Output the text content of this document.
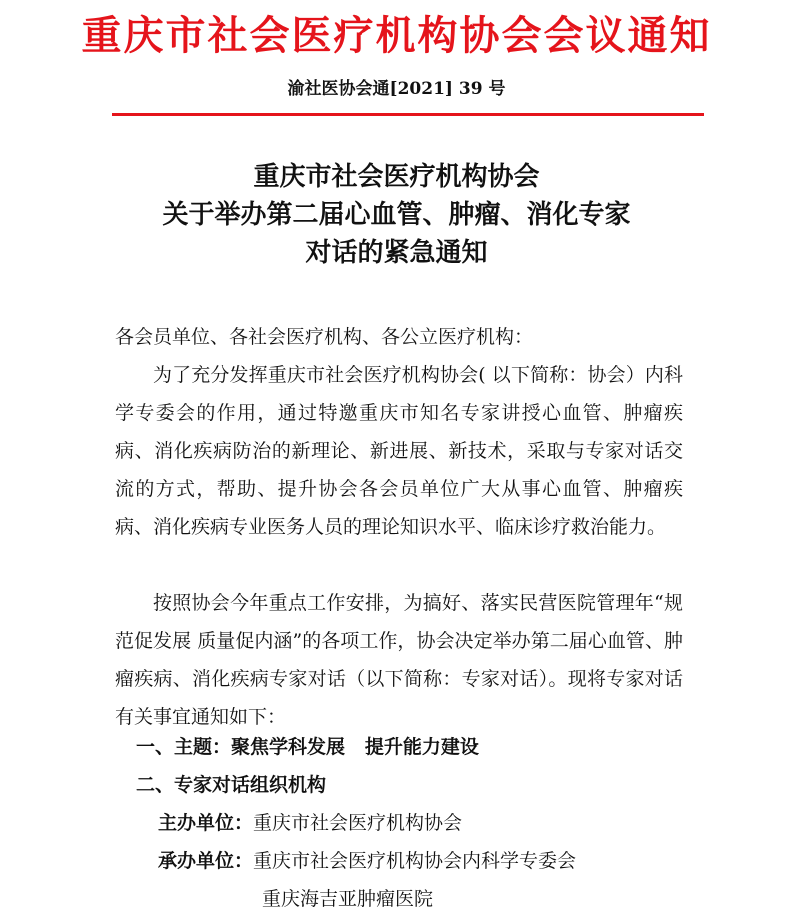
重庆市社会医疗机构协会会议通知
渝社医协会通[2021] 39 号
重庆市社会医疗机构协会
关于举办第二届心血管、肿瘤、消化专家
对话的紧急通知
各会员单位、各社会医疗机构、各公立医疗机构：

为了充分发挥重庆市社会医疗机构协会( 以下简称：协会）内科学专委会的作用，通过特邀重庆市知名专家讲授心血管、肿瘤疾病、消化疾病防治的新理论、新进展、新技术，采取与专家对话交流的方式，帮助、提升协会各会员单位广大从事心血管、肿瘤疾病、消化疾病专业医务人员的理论知识水平、临床诊疗救治能力。

按照协会今年重点工作安排，为搞好、落实民营医院管理年“规范促发展 质量促内涵”的各项工作，协会决定举办第二届心血管、肿瘤疾病、消化疾病专家对话（以下简称：专家对话）。现将专家对话有关事宜通知如下：

一、主题：聚焦学科发展   提升能力建设
二、专家对话组织机构
主办单位：重庆市社会医疗机构协会
承办单位：重庆市社会医疗机构协会内科学专委会
重庆海吉亚肿瘤医院
